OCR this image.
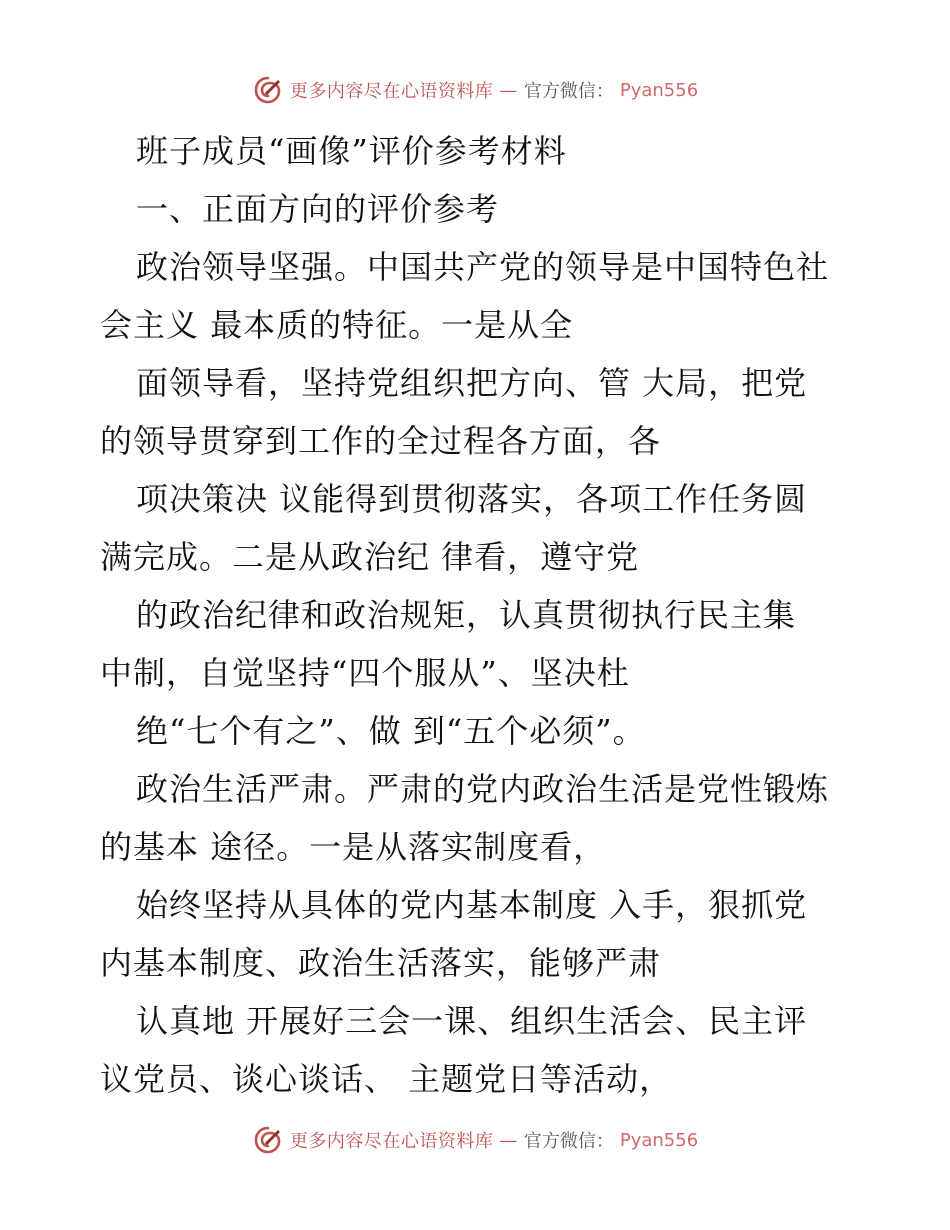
更多内容尽在心语资料库 — 官方微信： Pyan556
班子成员“画像”评价参考材料
一、正面方向的评价参考
政治领导坚强。中国共产党的领导是中国特色社
会主义 最本质的特征。一是从全
面领导看，坚持党组织把方向、管 大局，把党
的领导贯穿到工作的全过程各方面，各
项决策决 议能得到贯彻落实，各项工作任务圆
满完成。二是从政治纪 律看，遵守党
的政治纪律和政治规矩，认真贯彻执行民主集
中制，自觉坚持“四个服从”、坚决杜
绝“七个有之”、做 到“五个必须”。
政治生活严肃。严肃的党内政治生活是党性锻炼
的基本 途径。一是从落实制度看，
始终坚持从具体的党内基本制度 入手，狠抓党
内基本制度、政治生活落实，能够严肃
认真地 开展好三会一课、组织生活会、民主评
议党员、谈心谈话、 主题党日等活动，
更多内容尽在心语资料库 — 官方微信： Pyan556
